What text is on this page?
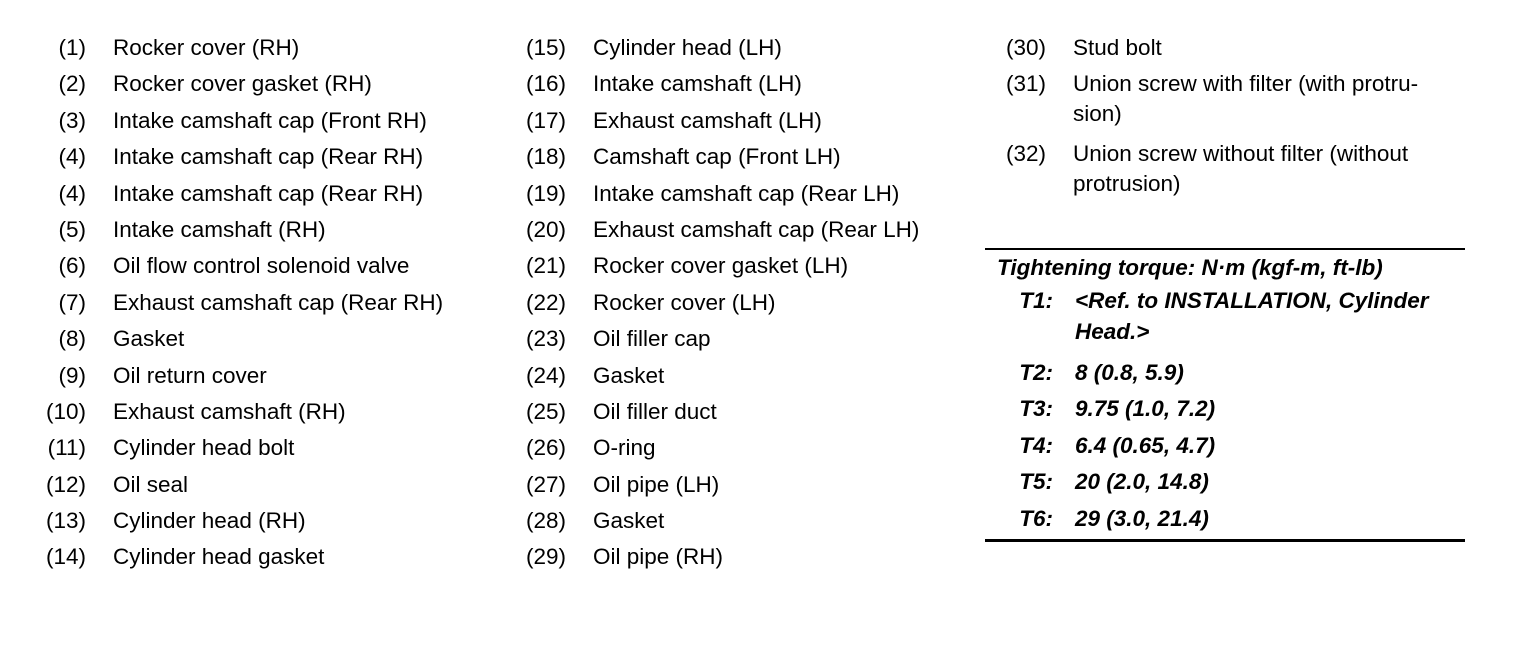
(1) Rocker cover (RH)
(2) Rocker cover gasket (RH)
(3) Intake camshaft cap (Front RH)
(4) Intake camshaft cap (Rear RH)
(4) Intake camshaft cap (Rear RH)
(5) Intake camshaft (RH)
(6) Oil flow control solenoid valve
(7) Exhaust camshaft cap (Rear RH)
(8) Gasket
(9) Oil return cover
(10) Exhaust camshaft (RH)
(11) Cylinder head bolt
(12) Oil seal
(13) Cylinder head (RH)
(14) Cylinder head gasket
(15) Cylinder head (LH)
(16) Intake camshaft (LH)
(17) Exhaust camshaft (LH)
(18) Camshaft cap (Front LH)
(19) Intake camshaft cap (Rear LH)
(20) Exhaust camshaft cap (Rear LH)
(21) Rocker cover gasket (LH)
(22) Rocker cover (LH)
(23) Oil filler cap
(24) Gasket
(25) Oil filler duct
(26) O-ring
(27) Oil pipe (LH)
(28) Gasket
(29) Oil pipe (RH)
(30) Stud bolt
(31) Union screw with filter (with protru- sion)
(32) Union screw without filter (without protrusion)
Tightening torque: N·m (kgf-m, ft-lb)
T1: <Ref. to INSTALLATION, Cylinder Head.>
T2: 8 (0.8, 5.9)
T3: 9.75 (1.0, 7.2)
T4: 6.4 (0.65, 4.7)
T5: 20 (2.0, 14.8)
T6: 29 (3.0, 21.4)
